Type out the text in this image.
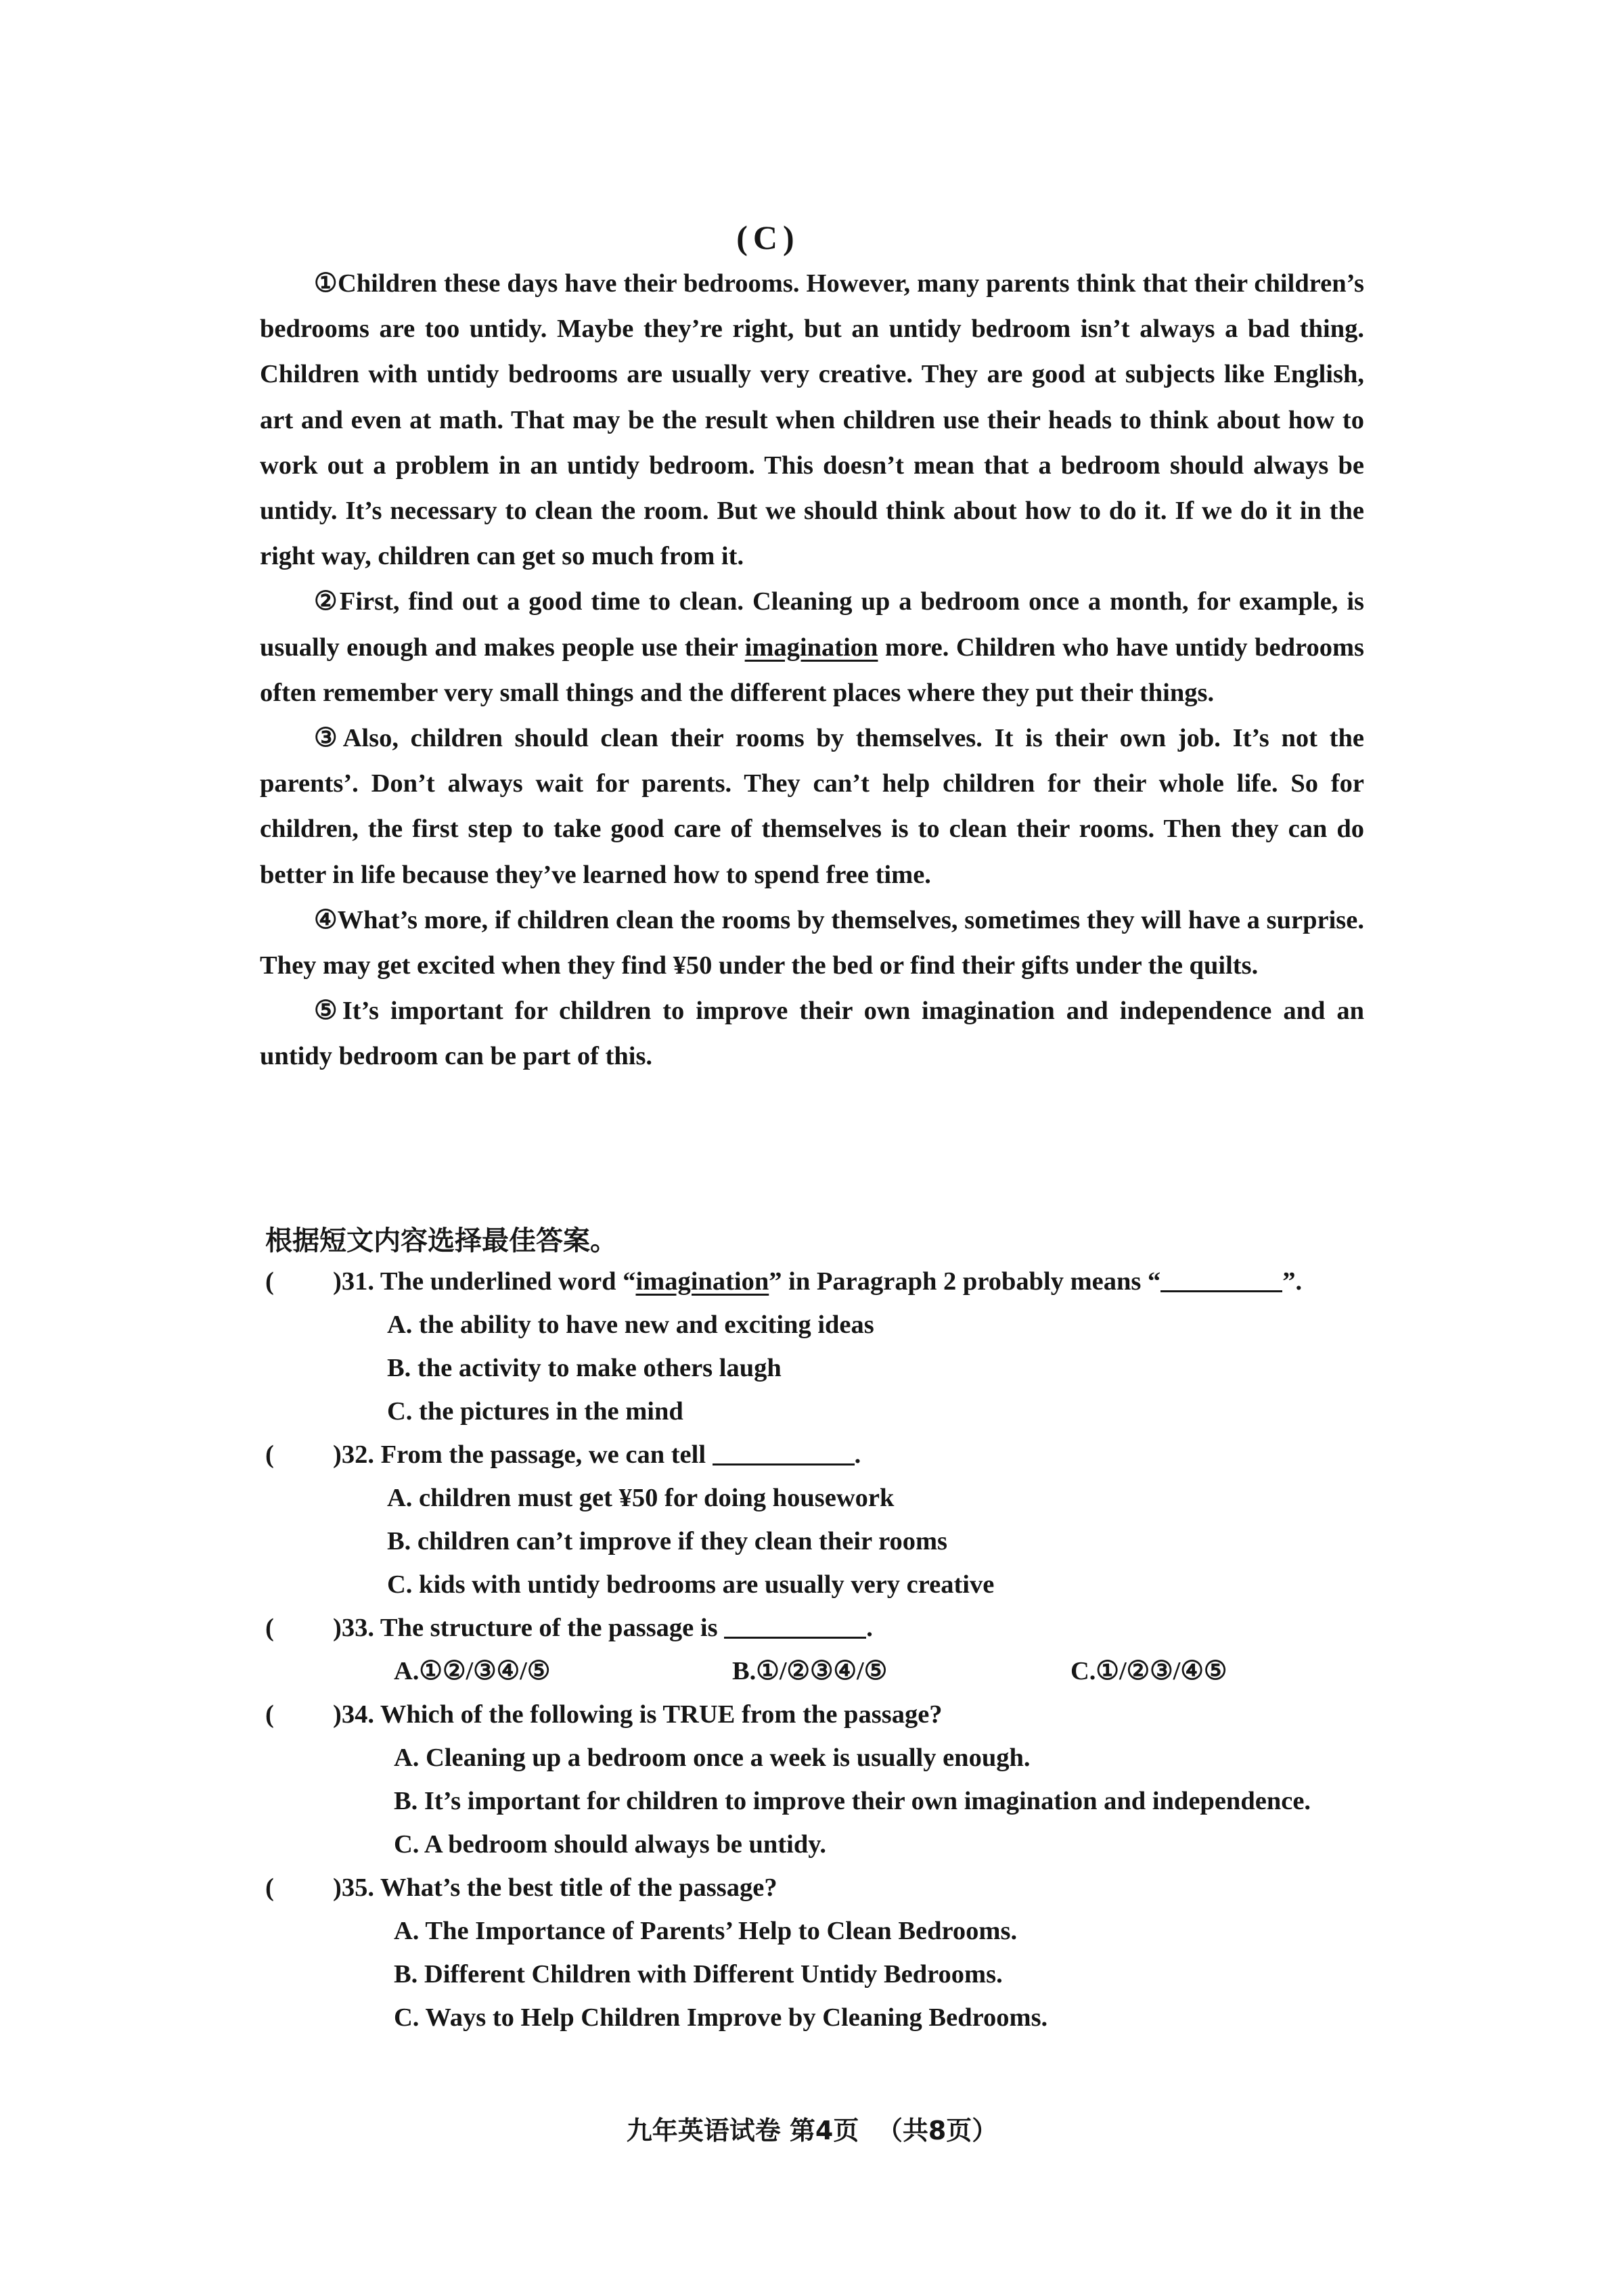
(C)

①Children these days have their bedrooms. However, many parents think that their children’s bedrooms are too untidy. Maybe they’re right, but an untidy bedroom isn’t always a bad thing. Children with untidy bedrooms are usually very creative. They are good at subjects like English, art and even at math. That may be the result when children use their heads to think about how to work out a problem in an untidy bedroom. This doesn’t mean that a bedroom should always be untidy. It’s necessary to clean the room. But we should think about how to do it. If we do it in the right way, children can get so much from it.

②First, find out a good time to clean. Cleaning up a bedroom once a month, for example, is usually enough and makes people use their imagination more. Children who have untidy bedrooms often remember very small things and the different places where they put their things.

③Also, children should clean their rooms by themselves. It is their own job. It’s not the parents’. Don’t always wait for parents. They can’t help children for their whole life. So for children, the first step to take good care of themselves is to clean their rooms. Then they can do better in life because they’ve learned how to spend free time.

④What’s more, if children clean the rooms by themselves, sometimes they will have a surprise. They may get excited when they find ¥50 under the bed or find their gifts under the quilts.

⑤It’s important for children to improve their own imagination and independence and an untidy bedroom can be part of this.

根据短文内容选择最佳答案。
( )31. The underlined word “imagination” in Paragraph 2 probably means “	”.
A. the ability to have new and exciting ideas
B. the activity to make others laugh
C. the pictures in the mind
( )32. From the passage, we can tell	.
A. children must get ¥50 for doing housework
B. children can’t improve if they clean their rooms
C. kids with untidy bedrooms are usually very creative
( )33. The structure of the passage is	.
A.①②/③④/⑤	B.①/②③④/⑤	C.①/②③/④⑤
( )34. Which of the following is TRUE from the passage?
A. Cleaning up a bedroom once a week is usually enough.
B. It’s important for children to improve their own imagination and independence.
C. A bedroom should always be untidy.
( )35. What’s the best title of the passage?
A. The Importance of Parents’ Help to Clean Bedrooms.
B. Different Children with Different Untidy Bedrooms.
C. Ways to Help Children Improve by Cleaning Bedrooms.
九年英语试卷 第4页  （共8页）
